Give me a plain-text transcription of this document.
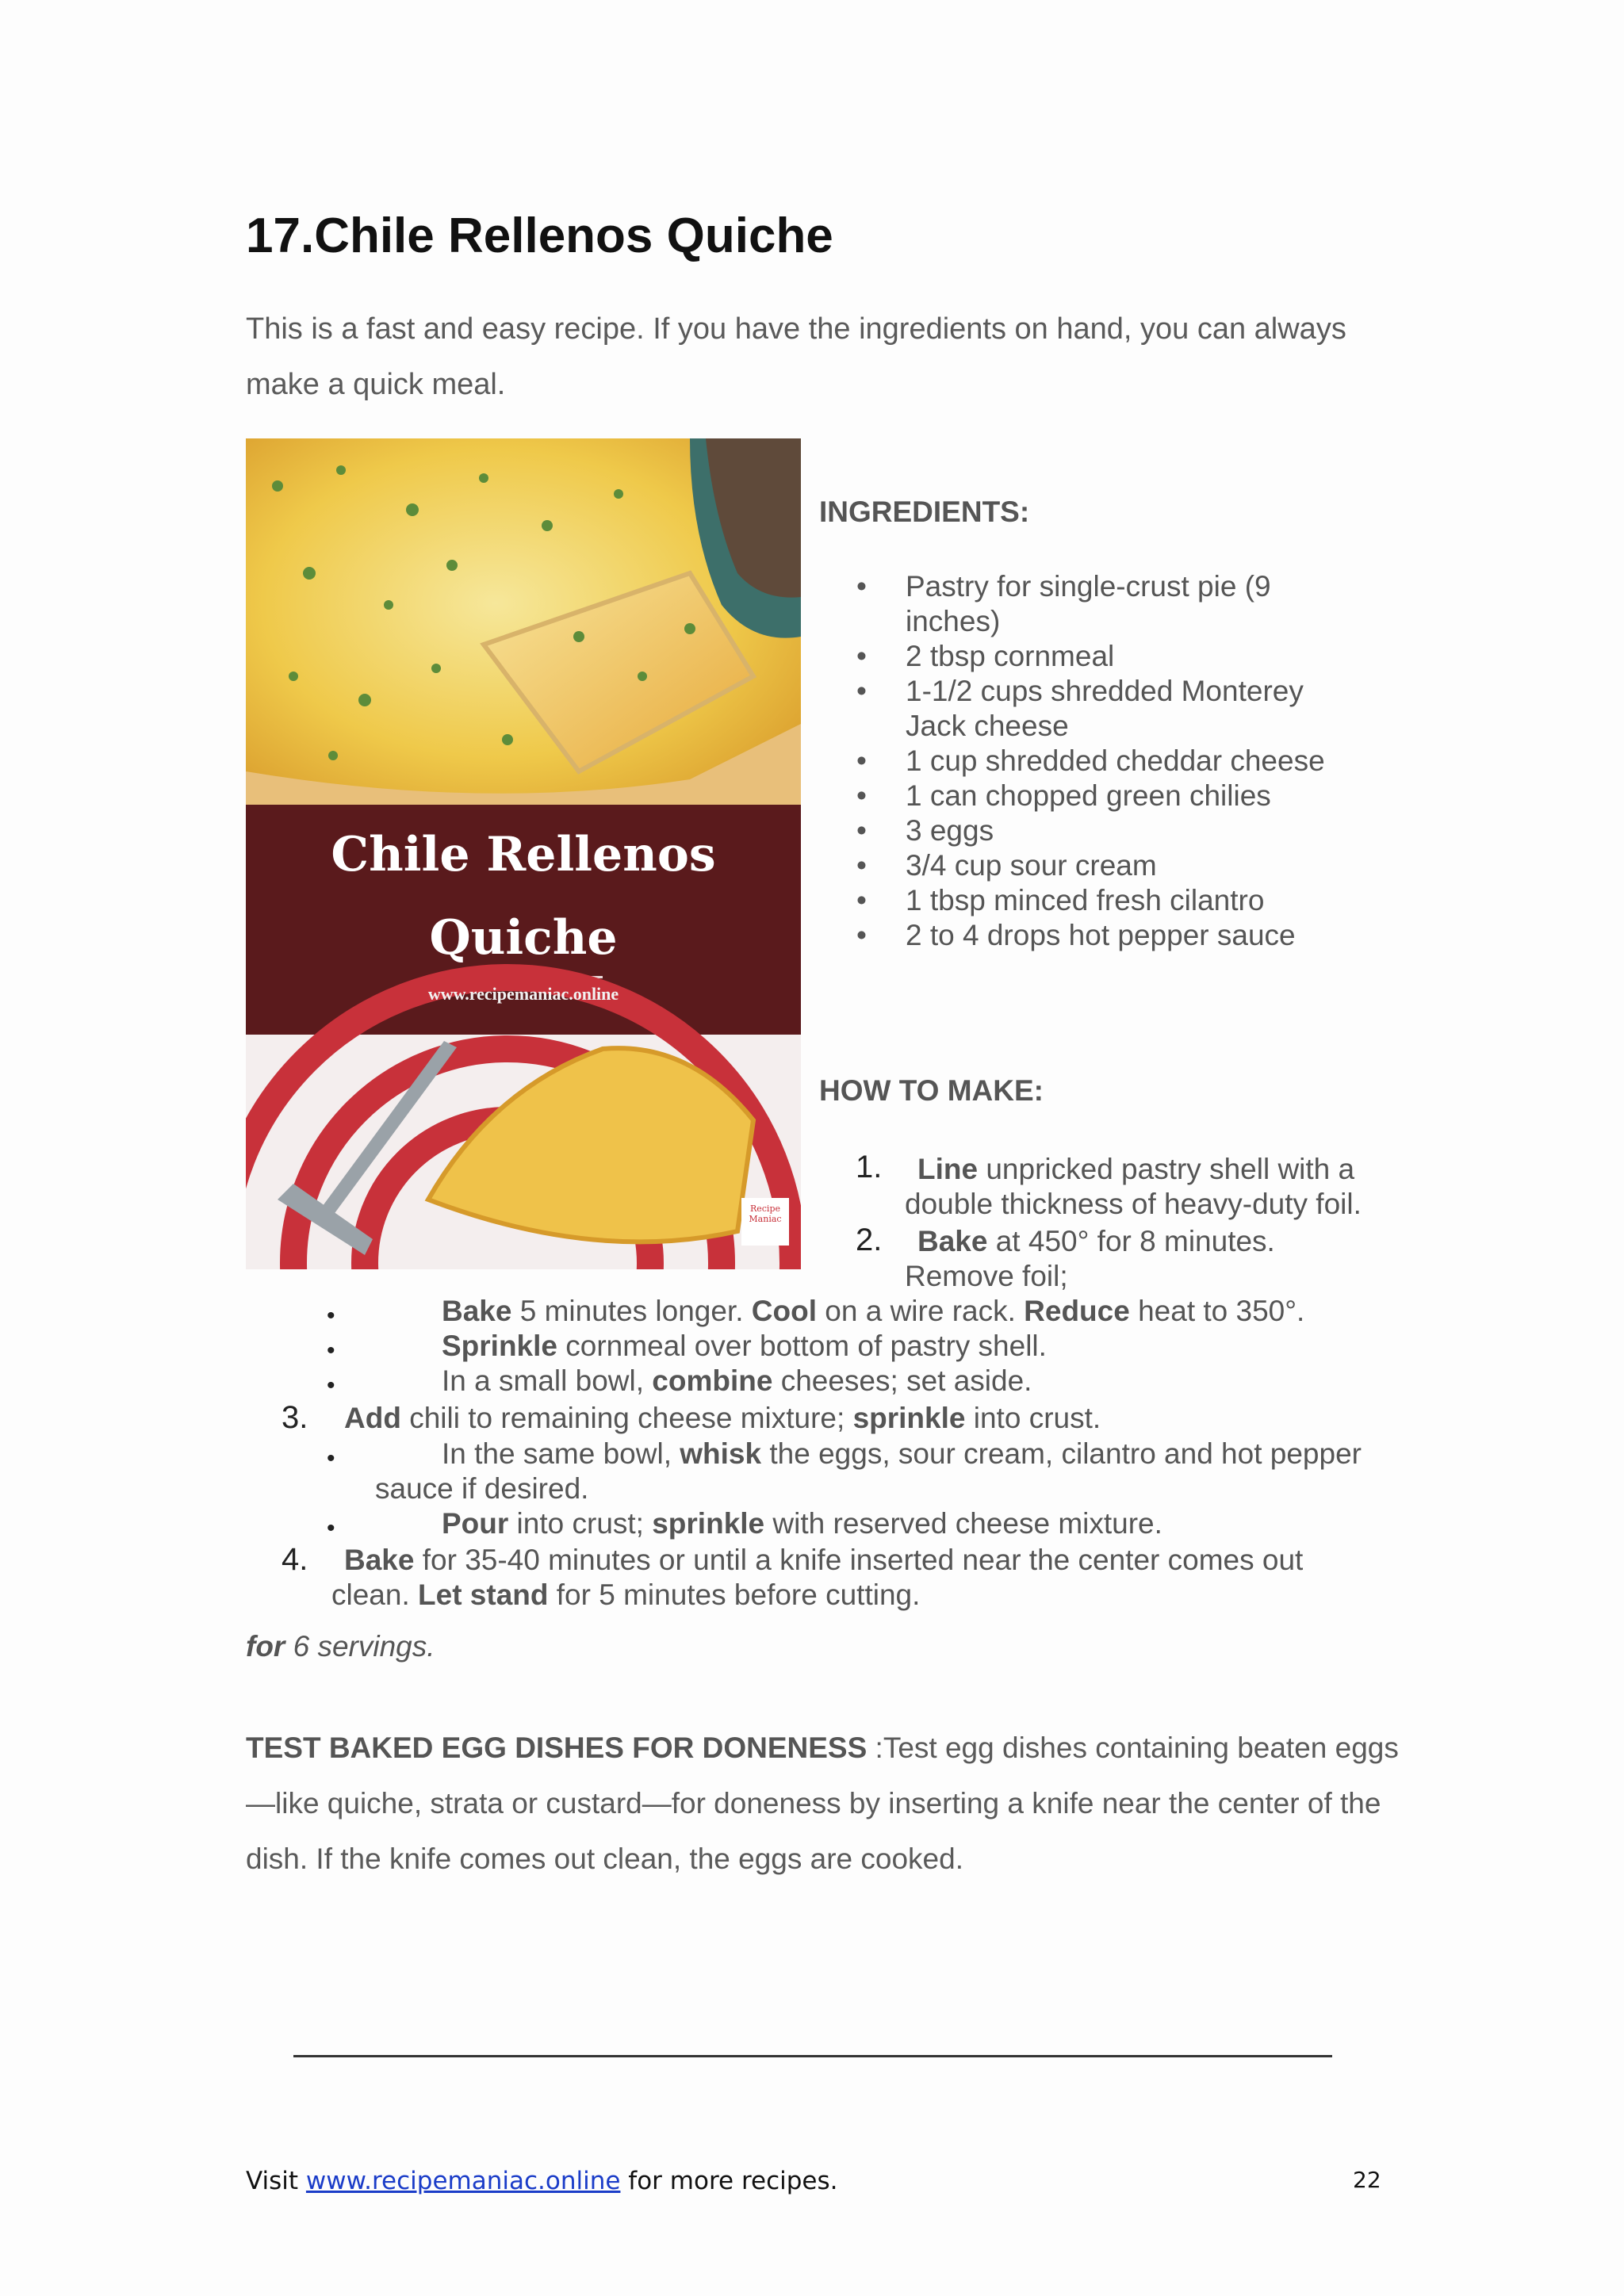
17.Chile Rellenos Quiche
This is a fast and easy recipe. If you have the ingredients on hand, you can always make a quick meal.
Chile Rellenos
Quiche
www.recipemaniac.online
Recipe
Maniac
INGREDIENTS:
• Pastry for single-crust pie (9
inches)
• 2 tbsp cornmeal
• 1-1/2 cups shredded Monterey
Jack cheese
• 1 cup shredded cheddar cheese
• 1 can chopped green chilies
• 3 eggs
• 3/4 cup sour cream
• 1 tbsp minced fresh cilantro
• 2 to 4 drops hot pepper sauce
HOW TO MAKE:
1. Line unpricked pastry shell with a
double thickness of heavy-duty foil.
2. Bake at 450° for 8 minutes.
Remove foil;
•	Bake 5 minutes longer. Cool on a wire rack. Reduce heat to 350°.
•	Sprinkle cornmeal over bottom of pastry shell.
•	In a small bowl, combine cheeses; set aside.
3. Add chili to remaining cheese mixture; sprinkle into crust.
•	In the same bowl, whisk the eggs, sour cream, cilantro and hot pepper
sauce if desired.
•	Pour into crust; sprinkle with reserved cheese mixture.
4. Bake for 35-40 minutes or until a knife inserted near the center comes out
clean. Let stand for 5 minutes before cutting.
for 6 servings.
TEST BAKED EGG DISHES FOR DONENESS :Test egg dishes containing beaten eggs—like quiche, strata or custard—for doneness by inserting a knife near the center of the dish. If the knife comes out clean, the eggs are cooked.
Visit www.recipemaniac.online for more recipes.	22
